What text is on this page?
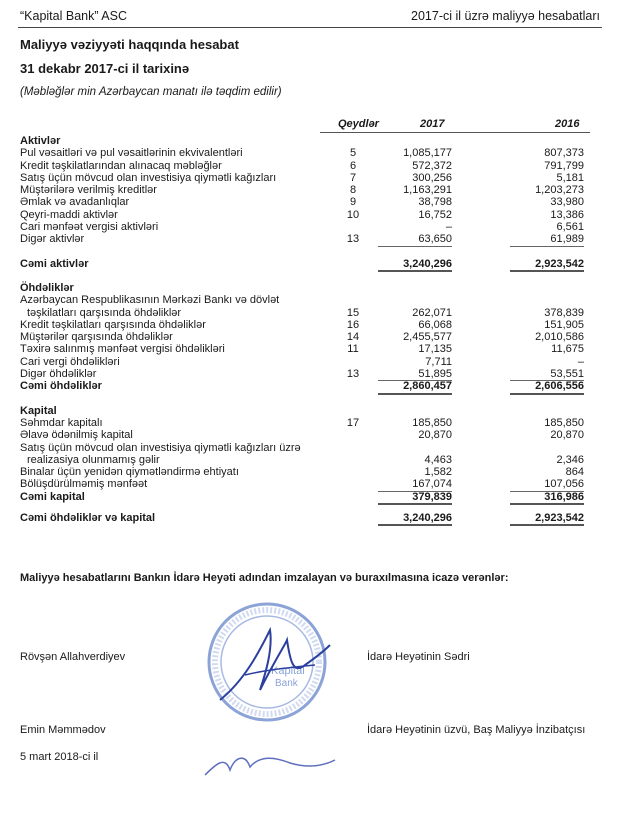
“Kapital Bank” ASC	2017-ci il üzrə maliyyə hesabatları
Maliyyə vəziyyəti haqqında hesabat
31 dekabr 2017-ci il tarixinə
(Məbləğlər min Azərbaycan manatı ilə təqdim edilir)
Qeydlər	2017	2016
Aktivlər
Pul vəsaitləri və pul vəsaitlərinin ekvivalentləri	5	1,085,177	807,373
Kredit təşkilatlarından alınacaq məbləğlər	6	572,372	791,799
Satış üçün mövcud olan investisiya qiymətli kağızları	7	300,256	5,181
Müştərilərə verilmiş kreditlər	8	1,163,291	1,203,273
Əmlak və avadanlıqlar	9	38,798	33,980
Qeyri-maddi aktivlər	10	16,752	13,386
Cari mənfəət vergisi aktivləri	–	6,561
Digər aktivlər	13	63,650	61,989
Cəmi aktivlər	3,240,296	2,923,542
Öhdəliklər
Azərbaycan Respublikasının Mərkəzi Bankı və dövlət
təşkilatları qarşısında öhdəliklər	15	262,071	378,839
Kredit təşkilatları qarşısında öhdəliklər	16	66,068	151,905
Müştərilər qarşısında öhdəliklər	14	2,455,577	2,010,586
Təxirə salınmış mənfəət vergisi öhdəlikləri	11	17,135	11,675
Cari vergi öhdəlikləri	7,711	–
Digər öhdəliklər	13	51,895	53,551
Cəmi öhdəliklər	2,860,457	2,606,556
Kapital
Səhmdar kapitalı	17	185,850	185,850
Əlavə ödənilmiş kapital	20,870	20,870
Satış üçün mövcud olan investisiya qiymətli kağızları üzrə
realizasiya olunmamış gəlir	4,463	2,346
Binalar üçün yenidən qiymətləndirmə ehtiyatı	1,582	864
Bölüşdürülməmiş mənfəət	167,074	107,056
Cəmi kapital	379,839	316,986
Cəmi öhdəliklər və kapital	3,240,296	2,923,542
Maliyyə hesabatlarını Bankın İdarə Heyəti adından imzalayan və buraxılmasına icazə verənlər:
Rövşən Allahverdiyev	İdarə Heyətinin Sədri
Emin Məmmədov	İdarə Heyətinin üzvü, Baş Maliyyə İnzibatçısı
5 mart 2018-ci il
Kapital
Bank
